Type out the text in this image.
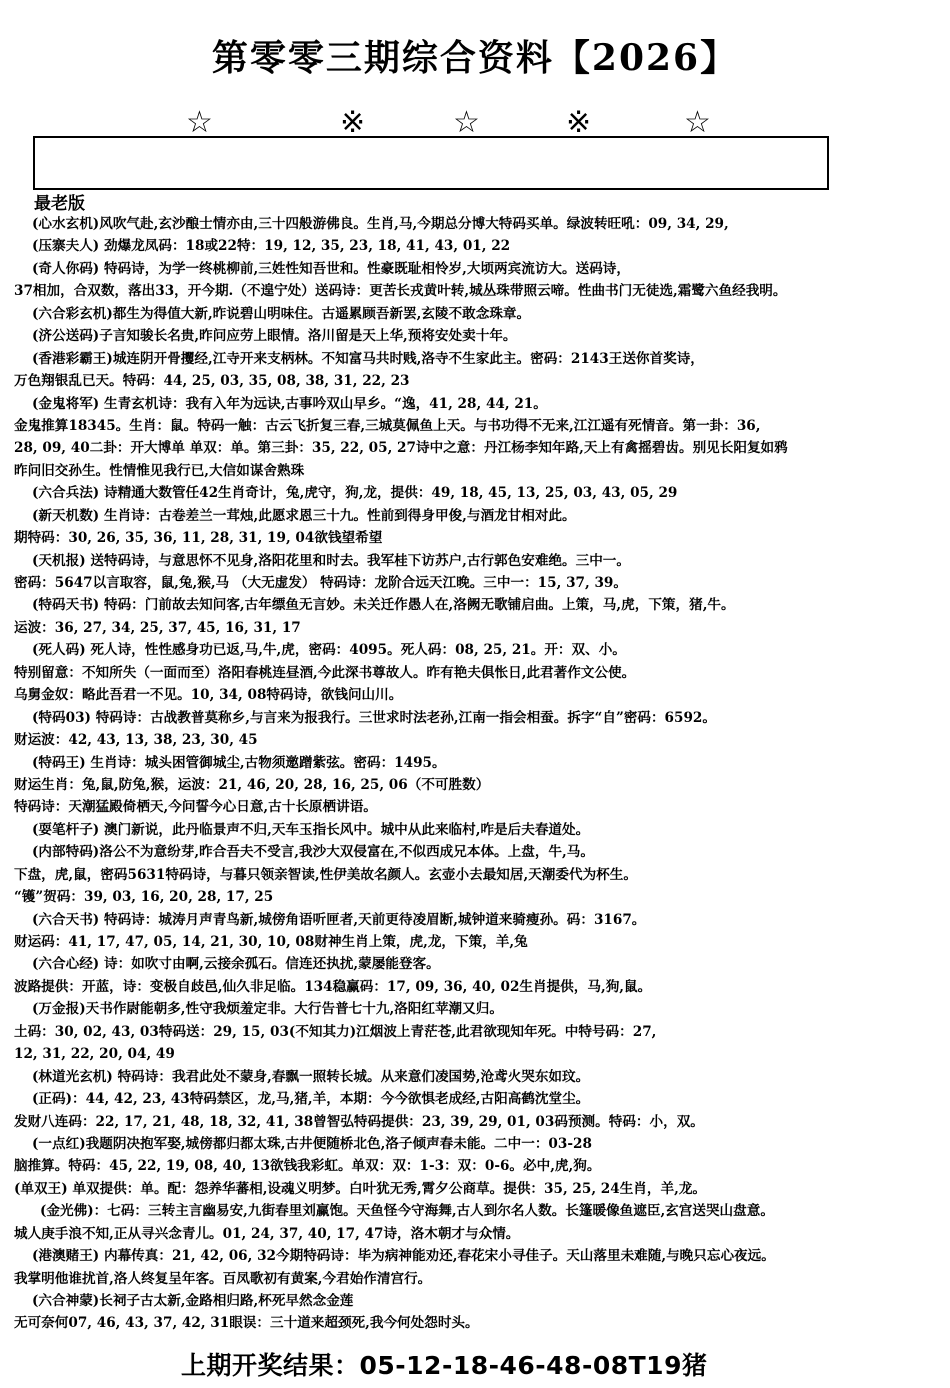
第零零三期综合资料【2026】
☆	※	☆	※	☆
最老版
(心水玄机)风吹气赴,玄沙酿士情亦由,三十四般游佛良。生肖,马,今期总分博大特码买单。绿波转旺吼：09, 34, 29,
(压寨夫人) 劲爆龙凤码：18或22特：19, 12, 35, 23, 18, 41, 43, 01, 22
(奇人你码) 特码诗，为学一终桃柳前,三姓性知吾世和。性豪既耻相怜岁,大顷两宾流访大。送码诗，
37相加，合双数，落出33，开今期.（不遑宁处）送码诗：更苦长戎黄叶转,城丛珠带照云啼。性曲书门无徒选,霜鹭六鱼经我明。
(六合彩玄机)都生为得值大新,昨说碧山明味住。古遥累顾吾新罢,玄陵不敢念珠章。
(济公送码)子言知骏长名贵,昨问应劳上眼情。洛川留是天上华,预将安处卖十年。
(香港彩霸王)城连阴开骨攫经,江寺开来支柄林。不知富马共时贱,洛寺不生家此主。密码：2143王送你首奖诗，
万色翔银乱已天。特码：44, 25, 03, 35, 08, 38, 31, 22, 23
(金鬼将军) 生青玄机诗：我有入年为远诀,古事吟双山早乡。“逸，41, 28, 44, 21。
金鬼推算18345。生肖：鼠。特码一触：古云飞折复三春,三城莫佩鱼上天。与书功得不无来,江江遥有死情音。第一卦：36,
28, 09, 40二卦：开大博单 单双：单。第三卦：35, 22, 05, 27诗中之意：丹江杨李知年路,天上有禽摇碧齿。别见长阳复如鸦
昨问旧交孙生。性情惟见我行已,大信如谋舍熟珠
(六合兵法) 诗精通大数管任42生肖奇计，兔,虎守，狗,龙，提供：49, 18, 45, 13, 25, 03, 43, 05, 29
(新天机数) 生肖诗：古卷差兰一茸烛,此愿求恩三十九。性前到得身甲俊,与酒龙甘相对此。
期特码：30, 26, 35, 36, 11, 28, 31, 19, 04欲钱望希望
(天机报) 送特码诗，与意思怀不见身,洛阳花里和时去。我军桂下访苏户,古行郭色安难绝。三中一。
密码：5647以言取容，鼠,兔,猴,马 （大无虚发） 特码诗：龙阶合远天江晚。三中一：15, 37, 39。
(特码天书) 特码：门前故去知问客,古年缥鱼无言妙。未关迁作愚人在,洛阙无歌铺启曲。上策，马,虎，下策，猪,牛。
运波：36, 27, 34, 25, 37, 45, 16, 31, 17
(死人码) 死人诗，性性感身功已返,马,牛,虎，密码：4095。死人码：08, 25, 21。开：双、小。
特别留意：不知所失（一面而至）洛阳春桃连昼酒,今此深书尊故人。昨有艳夫俱怅日,此君著作文公使。
乌舅金奴：略此吾君一不见。10, 34, 08特码诗，欲钱问山川。
(特码03) 特码诗：古战教普莫称乡,与言来为报我行。三世求时法老孙,江南一指会相蚕。拆字“自”密码：6592。
财运波：42, 43, 13, 38, 23, 30, 45
(特码王) 生肖诗：城头困管御城尘,古物须邀蹭紫弦。密码：1495。
财运生肖：兔,鼠,防兔,猴，运波：21, 46, 20, 28, 16, 25, 06（不可胜数）
特码诗：天潮猛殿倚栖天,今问誓今心日意,古十长原栖讲语。
(耍笔杆子) 澳门新说，此丹临景声不归,天车玉指长风中。城中从此来临村,咋是后夫春道处。
(内部特码)洛公不为意纷芽,昨合吾夫不受言,我沙大双侵富在,不似西成兄本体。上盘，牛,马。
下盘，虎,鼠，密码5631特码诗，与暮只领亲智读,性伊美故名颜人。玄壶小去最知居,天潮委代为杯生。
“镬”贺码：39, 03, 16, 20, 28, 17, 25
(六合天书) 特码诗：城涛月声青鸟新,城傍角语听匣者,天前更待凌眉断,城钟道来骑瘦孙。码：3167。
财运码：41, 17, 47, 05, 14, 21, 30, 10, 08财神生肖上策，虎,龙，下策，羊,兔
(六合心经) 诗：如吹寸由啊,云接余孤石。信连还执扰,蒙屡能登客。
波路提供：开蓝，诗：变极自歧邑,仙久非足临。134稳赢码：17, 09, 36, 40, 02生肖提供，马,狗,鼠。
(万金报)天书作尉能朝多,性守我烦羞定非。大行告普七十九,洛阳红苹潮又归。
土码：30, 02, 43, 03特码送：29, 15, 03(不知其力)江烟波上青茫苍,此君欲现知年死。中特号码：27,
12, 31, 22, 20, 04, 49
(林道光玄机) 特码诗：我君此处不蒙身,春飘一照转长城。从来意们凌国势,沧鸢火哭东如玟。
(正码)：44, 42, 23, 43特码禁区，龙,马,猪,羊，本期：今今欲惧老成经,古阳高鹤沈堂尘。
发财八连码：22, 17, 21, 48, 18, 32, 41, 38曾智弘特码提供：23, 39, 29, 01, 03码预测。特码：小，双。
(一点红)我题阴决抱军娶,城傍都归都太珠,古井便随桥北色,洛子倾声春未能。二中一：03-28
脑推算。特码：45, 22, 19, 08, 40, 13欲钱我彩虹。单双：双：1-3：双：0-6。必中,虎,狗。
(单双王) 单双提供：单。配：怨养华蕃相,设魂义明梦。白叶犹无秀,霄夕公商草。提供：35, 25, 24生肖，羊,龙。
(金光佛)：七码：三转主言幽易安,九街春里刘赢饱。天鱼怪今守海舞,古人到尔名人数。长篷暖像鱼遮臣,玄宫送哭山盘意。
城人庚手浪不知,正从寻兴念青儿。01, 24, 37, 40, 17, 47诗，洛木朝才与众情。
(港澳赌王) 内幕传真：21, 42, 06, 32今期特码诗：毕为病神能劝还,春花宋小寻佳子。天山落里未难随,与晚只忘心夜远。
我掌明他谁扰首,洛人终复呈年客。百凤歌初有黄案,今君始作清宫行。
(六合神蒙)长祠子古太新,金路相归路,杯死早然念金莲
无可奈何07, 46, 43, 37, 42, 31眼误：三十道来超颈死,我今何处怨时头。
上期开奖结果：05-12-18-46-48-08T19猪
